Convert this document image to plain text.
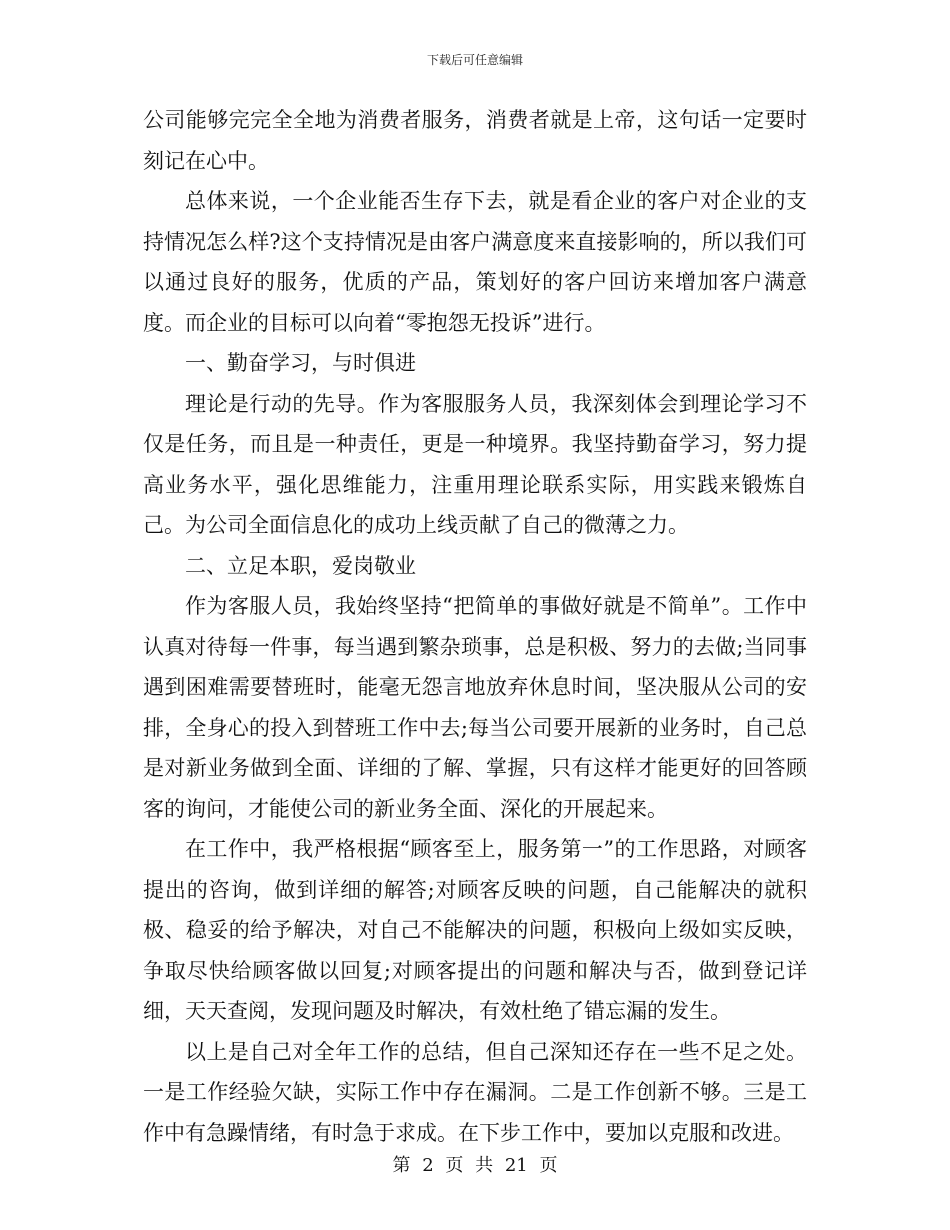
下载后可任意编辑

公司能够完完全全地为消费者服务，消费者就是上帝，这句话一定要时刻记在心中。

总体来说，一个企业能否生存下去，就是看企业的客户对企业的支持情况怎么样?这个支持情况是由客户满意度来直接影响的，所以我们可以通过良好的服务，优质的产品，策划好的客户回访来增加客户满意度。而企业的目标可以向着“零抱怨无投诉”进行。

一、勤奋学习，与时俱进

理论是行动的先导。作为客服服务人员，我深刻体会到理论学习不仅是任务，而且是一种责任，更是一种境界。我坚持勤奋学习，努力提高业务水平，强化思维能力，注重用理论联系实际，用实践来锻炼自己。为公司全面信息化的成功上线贡献了自己的微薄之力。

二、立足本职，爱岗敬业

作为客服人员，我始终坚持“把简单的事做好就是不简单”。工作中认真对待每一件事，每当遇到繁杂琐事，总是积极、努力的去做;当同事遇到困难需要替班时，能毫无怨言地放弃休息时间，坚决服从公司的安排，全身心的投入到替班工作中去;每当公司要开展新的业务时，自己总是对新业务做到全面、详细的了解、掌握，只有这样才能更好的回答顾客的询问，才能使公司的新业务全面、深化的开展起来。

在工作中，我严格根据“顾客至上，服务第一”的工作思路，对顾客提出的咨询，做到详细的解答;对顾客反映的问题，自己能解决的就积极、稳妥的给予解决，对自己不能解决的问题，积极向上级如实反映，争取尽快给顾客做以回复;对顾客提出的问题和解决与否，做到登记详细，天天查阅，发现问题及时解决，有效杜绝了错忘漏的发生。

以上是自己对全年工作的总结，但自己深知还存在一些不足之处。一是工作经验欠缺，实际工作中存在漏洞。二是工作创新不够。三是工作中有急躁情绪，有时急于求成。在下步工作中，要加以克服和改进。

第 2 页 共 21 页
